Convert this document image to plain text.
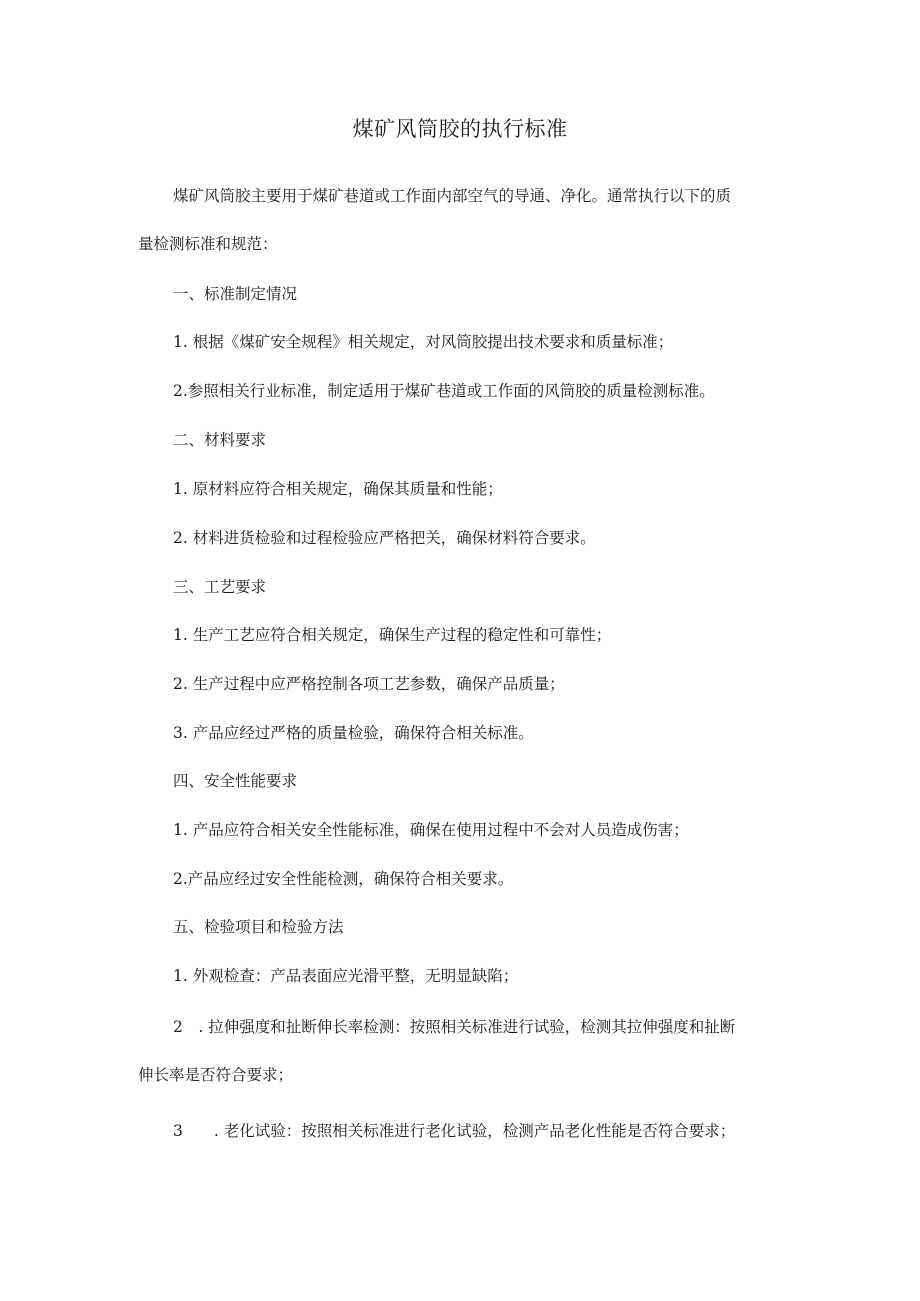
煤矿风筒胶的执行标准
煤矿风筒胶主要用于煤矿巷道或工作面内部空气的导通、净化。通常执行以下的质
量检测标准和规范：

一、标准制定情况

1. 根据《煤矿安全规程》相关规定，对风筒胶提出技术要求和质量标准；

2.参照相关行业标准，制定适用于煤矿巷道或工作面的风筒胶的质量检测标准。

二、材料要求

1. 原材料应符合相关规定，确保其质量和性能；

2. 材料进货检验和过程检验应严格把关，确保材料符合要求。

三、工艺要求

1. 生产工艺应符合相关规定，确保生产过程的稳定性和可靠性；

2. 生产过程中应严格控制各项工艺参数，确保产品质量；

3. 产品应经过严格的质量检验，确保符合相关标准。

四、安全性能要求

1. 产品应符合相关安全性能标准，确保在使用过程中不会对人员造成伤害；

2.产品应经过安全性能检测，确保符合相关要求。

五、检验项目和检验方法

1. 外观检查：产品表面应光滑平整，无明显缺陷；

2　. 拉伸强度和扯断伸长率检测：按照相关标准进行试验，检测其拉伸强度和扯断
伸长率是否符合要求；

3　　. 老化试验：按照相关标准进行老化试验，检测产品老化性能是否符合要求；
